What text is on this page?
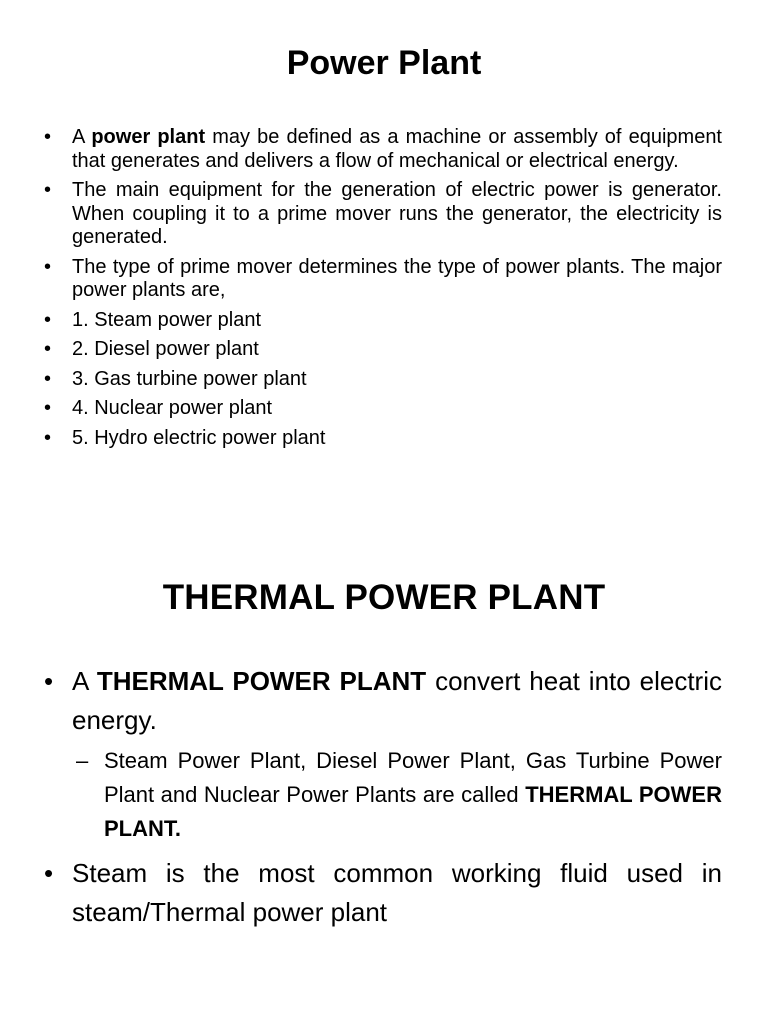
Power Plant
• A power plant may be defined as a machine or assembly of equipment that generates and delivers a flow of mechanical or electrical energy.
• The main equipment for the generation of electric power is generator. When coupling it to a prime mover runs the generator, the electricity is generated.
• The type of prime mover determines the type of power plants. The major power plants are,
• 1. Steam power plant
• 2. Diesel power plant
• 3. Gas turbine power plant
• 4. Nuclear power plant
• 5. Hydro electric power plant
THERMAL POWER PLANT
• A THERMAL POWER PLANT convert heat into electric energy.
– Steam Power Plant, Diesel Power Plant, Gas Turbine Power Plant and Nuclear Power Plants are called THERMAL POWER PLANT.
• Steam is the most common working fluid used in steam/Thermal power plant
